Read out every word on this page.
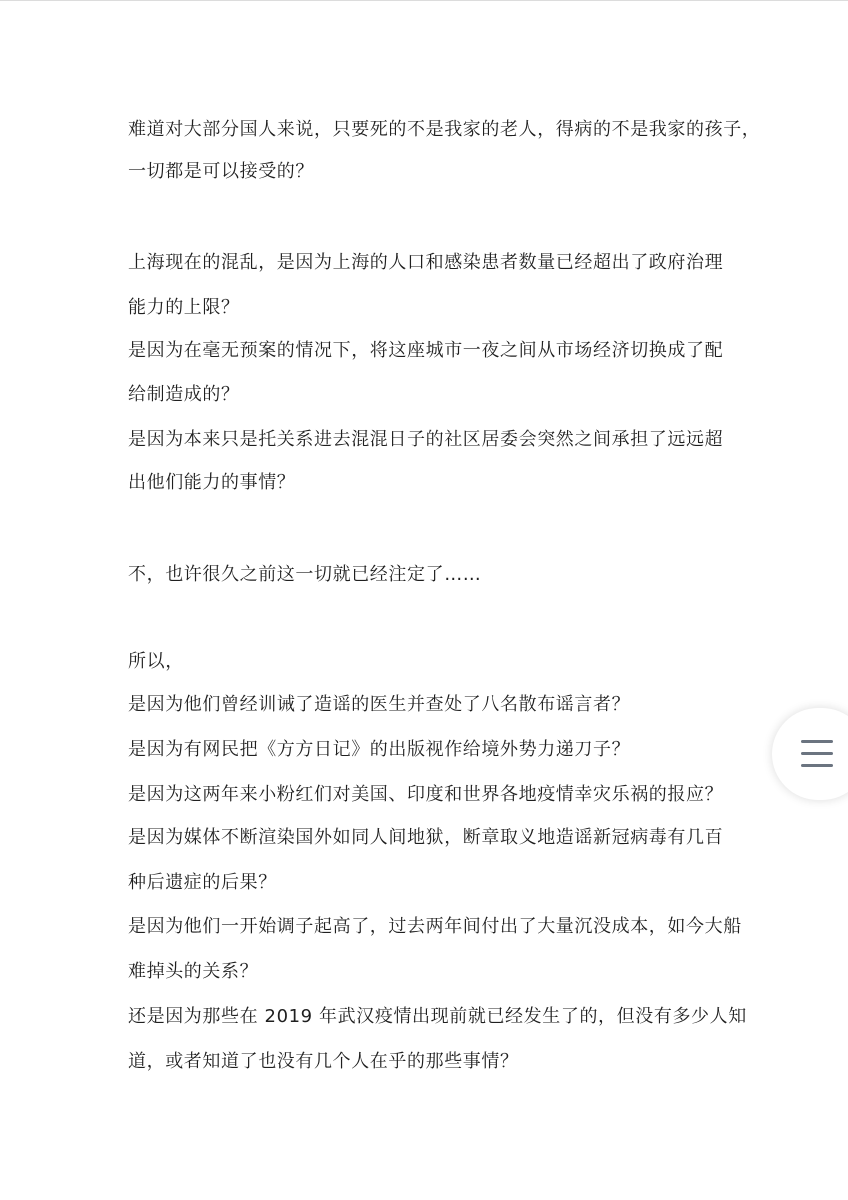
难道对大部分国人来说，只要死的不是我家的老人，得病的不是我家的孩子，
一切都是可以接受的？
上海现在的混乱，是因为上海的人口和感染患者数量已经超出了政府治理
能力的上限？
是因为在毫无预案的情况下，将这座城市一夜之间从市场经济切换成了配
给制造成的？
是因为本来只是托关系进去混混日子的社区居委会突然之间承担了远远超
出他们能力的事情？
不，也许很久之前这一切就已经注定了……
所以，
是因为他们曾经训诫了造谣的医生并查处了八名散布谣言者？
是因为有网民把《方方日记》的出版视作给境外势力递刀子？
是因为这两年来小粉红们对美国、印度和世界各地疫情幸灾乐祸的报应？
是因为媒体不断渲染国外如同人间地狱，断章取义地造谣新冠病毒有几百
种后遗症的后果？
是因为他们一开始调子起高了，过去两年间付出了大量沉没成本，如今大船
难掉头的关系？
还是因为那些在 2019 年武汉疫情出现前就已经发生了的，但没有多少人知
道，或者知道了也没有几个人在乎的那些事情？
